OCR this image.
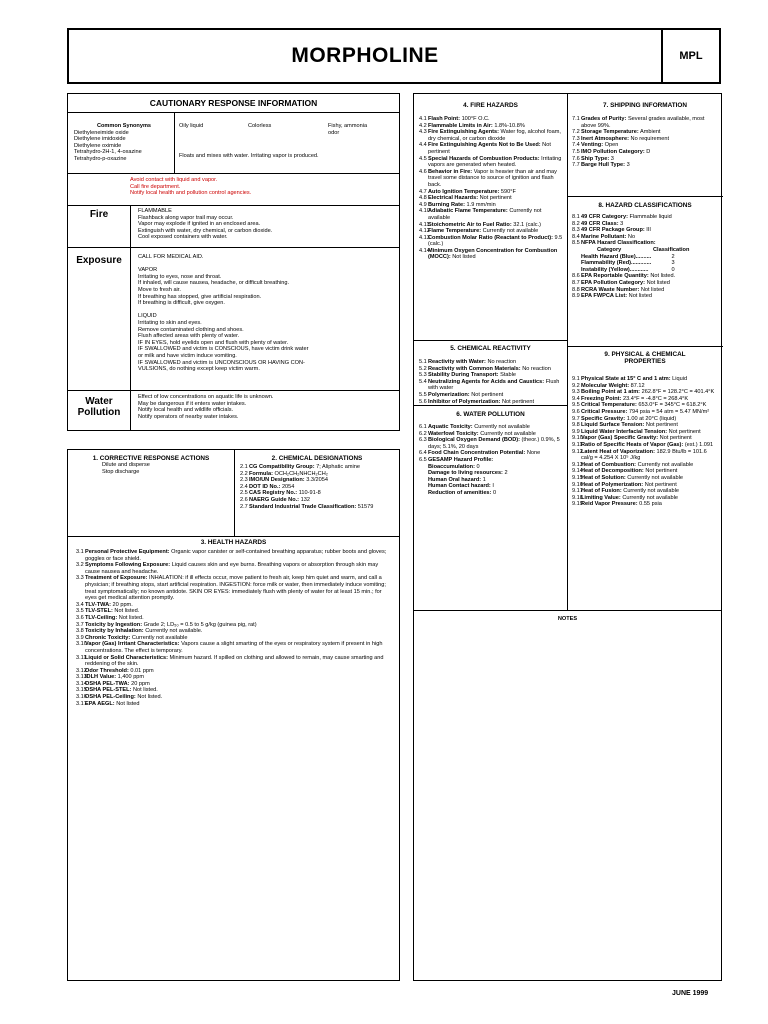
MORPHOLINE	MPL
CAUTIONARY RESPONSE INFORMATION
Common Synonyms
Diethyleneimide oxide
Diethylene imidoxide
Diethylene oximide
Tetrahydro-2H-1, 4-oxazine
Tetrahydro-p-oxazine
Oily liquid	Colorless	Fishy, ammonia odor
Floats and mixes with water. Irritating vapor is produced.
Avoid contact with liquid and vapor.
Call fire department.
Notify local health and pollution control agencies.
Fire	FLAMMABLE
Flashback along vapor trail may occur.
Vapor may explode if ignited in an enclosed area.
Extinguish with water, dry chemical, or carbon dioxide.
Cool exposed containers with water.
Exposure	CALL FOR MEDICAL AID.
VAPOR
Irritating to eyes, nose and throat.
If inhaled, will cause nausea, headache, or difficult breathing.
Move to fresh air.
If breathing has stopped, give artificial respiration.
If breathing is difficult, give oxygen.
LIQUID
Irritating to skin and eyes.
Remove contaminated clothing and shoes.
Flush affected areas with plenty of water.
IF IN EYES, hold eyelids open and flush with plenty of water.
IF SWALLOWED and victim is CONSCIOUS, have victim drink water
or milk and have victim induce vomiting.
IF SWALLOWED and victim is UNCONSCIOUS OR HAVING CON-
VULSIONS, do nothing except keep victim warm.
Water
Pollution
Effect of low concentrations on aquatic life is unknown.
May be dangerous if it enters water intakes.
Notify local health and wildlife officials.
Notify operators of nearby water intakes.
1. CORRECTIVE RESPONSE ACTIONS
Dilute and disperse
Stop discharge
2. CHEMICAL DESIGNATIONS
2.1CG Compatibility Group: 7; Aliphatic amine
2.2Formula: OCH₂CH₂NHCH₂CH₂
2.3IMO/UN Designation: 3.3/2054
2.4DOT ID No.: 2054
2.5CAS Registry No.: 110-91-8
2.6NAERG Guide No.: 132
2.7Standard Industrial Trade Classification: 51579
3. HEALTH HAZARDS
3.1Personal Protective Equipment: Organic vapor canister or self-contained breathing apparatus; rubber boots and gloves; goggles or face shield.
3.2Symptoms Following Exposure: Liquid causes skin and eye burns. Breathing vapors or absorption through skin may cause nausea and headache.
3.3Treatment of Exposure: INHALATION: if ill effects occur, move patient to fresh air, keep him quiet and warm, and call a physician; if breathing stops, start artificial respiration. INGESTION: force milk or water, then immediately induce vomiting; treat symptomatically; no known antidote. SKIN OR EYES: immediately flush with plenty of water for at least 15 min.; for eyes get medical attention promptly.
3.4TLV-TWA: 20 ppm.
3.5TLV-STEL: Not listed.
3.6TLV-Ceiling: Not listed.
3.7Toxicity by Ingestion: Grade 2; LD₅₀ = 0.5 to 5 g/kg (guinea pig, rat)
3.8Toxicity by Inhalation: Currently not available.
3.9Chronic Toxicity: Currently not available
3.10Vapor (Gas) Irritant Characteristics: Vapors cause a slight smarting of the eyes or respiratory system if present in high concentrations. The effect is temporary.
3.11Liquid or Solid Characteristics: Minimum hazard. If spilled on clothing and allowed to remain, may cause smarting and reddening of the skin.
3.12Odor Threshold: 0.01 ppm
3.13IDLH Value: 1,400 ppm
3.14OSHA PEL-TWA: 20 ppm
3.15OSHA PEL-STEL: Not listed.
3.16OSHA PEL-Ceiling: Not listed.
3.17EPA AEGL: Not listed
4. FIRE HAZARDS
4.1Flash Point: 100°F O.C.
4.2Flammable Limits in Air: 1.8%-10.8%
4.3Fire Extinguishing Agents: Water fog, alcohol foam, dry chemical, or carbon dioxide
4.4Fire Extinguishing Agents Not to Be Used: Not pertinent
4.5Special Hazards of Combustion Products: Irritating vapors are generated when heated.
4.6Behavior in Fire: Vapor is heavier than air and may travel some distance to source of ignition and flash back.
4.7Auto Ignition Temperature: 590°F
4.8Electrical Hazards: Not pertinent
4.9Burning Rate: 1.9 mm/min
4.10Adiabatic Flame Temperature: Currently not available
4.11Stoichometric Air to Fuel Ratio: 32.1 (calc.)
4.12Flame Temperature: Currently not available
4.13Combustion Molar Ratio (Reactant to Product): 9.5 (calc.)
4.14Minimum Oxygen Concentration for Combustion (MOCC): Not listed
5. CHEMICAL REACTIVITY
5.1Reactivity with Water: No reaction
5.2Reactivity with Common Materials: No reaction
5.3Stability During Transport: Stable
5.4Neutralizing Agents for Acids and Caustics: Flush with water
5.5Polymerization: Not pertinent
5.6Inhibitor of Polymerization: Not pertinent
6. WATER POLLUTION
6.1Aquatic Toxicity: Currently not available
6.2Waterfowl Toxicity: Currently not available
6.3Biological Oxygen Demand (BOD): (theor.) 0.9%, 5 days; 5.1%, 20 days
6.4Food Chain Concentration Potential: None
6.5GESAMP Hazard Profile:
Bioaccumulation: 0
Damage to living resources: 2
Human Oral hazard: 1
Human Contact hazard: I
Reduction of amenities: 0
7. SHIPPING INFORMATION
7.1Grades of Purity: Several grades available, most above 99%.
7.2Storage Temperature: Ambient
7.3Inert Atmosphere: No requirement
7.4Venting: Open
7.5IMO Pollution Category: D
7.6Ship Type: 3
7.7Barge Hull Type: 3
8. HAZARD CLASSIFICATIONS
8.149 CFR Category: Flammable liquid
8.249 CFR Class: 3
8.349 CFR Package Group: III
8.4Marine Pollutant: No
8.5NFPA Hazard Classification:
Category	Classification
Health Hazard (Blue)..........	2
Flammability (Red).............	3
Instability (Yellow)............	0
8.6EPA Reportable Quantity: Not listed.
8.7EPA Pollution Category: Not listed
8.8RCRA Waste Number: Not listed
8.9EPA FWPCA List: Not listed
9. PHYSICAL & CHEMICAL
PROPERTIES
9.1Physical State at 15° C and 1 atm: Liquid
9.2Molecular Weight: 87.12
9.3Boiling Point at 1 atm: 262.8°F = 128.2°C = 401.4°K
9.4Freezing Point: 23.4°F = -4.8°C = 268.4°K
9.5Critical Temperature: 653.0°F = 345°C = 618.2°K
9.6Critical Pressure: 794 psia = 54 atm = 5.47 MN/m²
9.7Specific Gravity: 1.00 at 20°C (liquid)
9.8Liquid Surface Tension: Not pertinent
9.9Liquid Water Interfacial Tension: Not pertinent
9.10Vapor (Gas) Specific Gravity: Not pertinent
9.11Ratio of Specific Heats of Vapor (Gas): (est.) 1.091
9.12Latent Heat of Vaporization: 182.9 Btu/lb = 101.6 cal/g = 4.254 X 10⁵ J/kg
9.13Heat of Combustion: Currently not available
9.14Heat of Decomposition: Not pertinent
9.15Heat of Solution: Currently not available
9.16Heat of Polymerization: Not pertinent
9.17Heat of Fusion: Currently not available
9.18Limiting Value: Currently not available
9.19Reid Vapor Pressure: 0.55 psia
NOTES
JUNE 1999
